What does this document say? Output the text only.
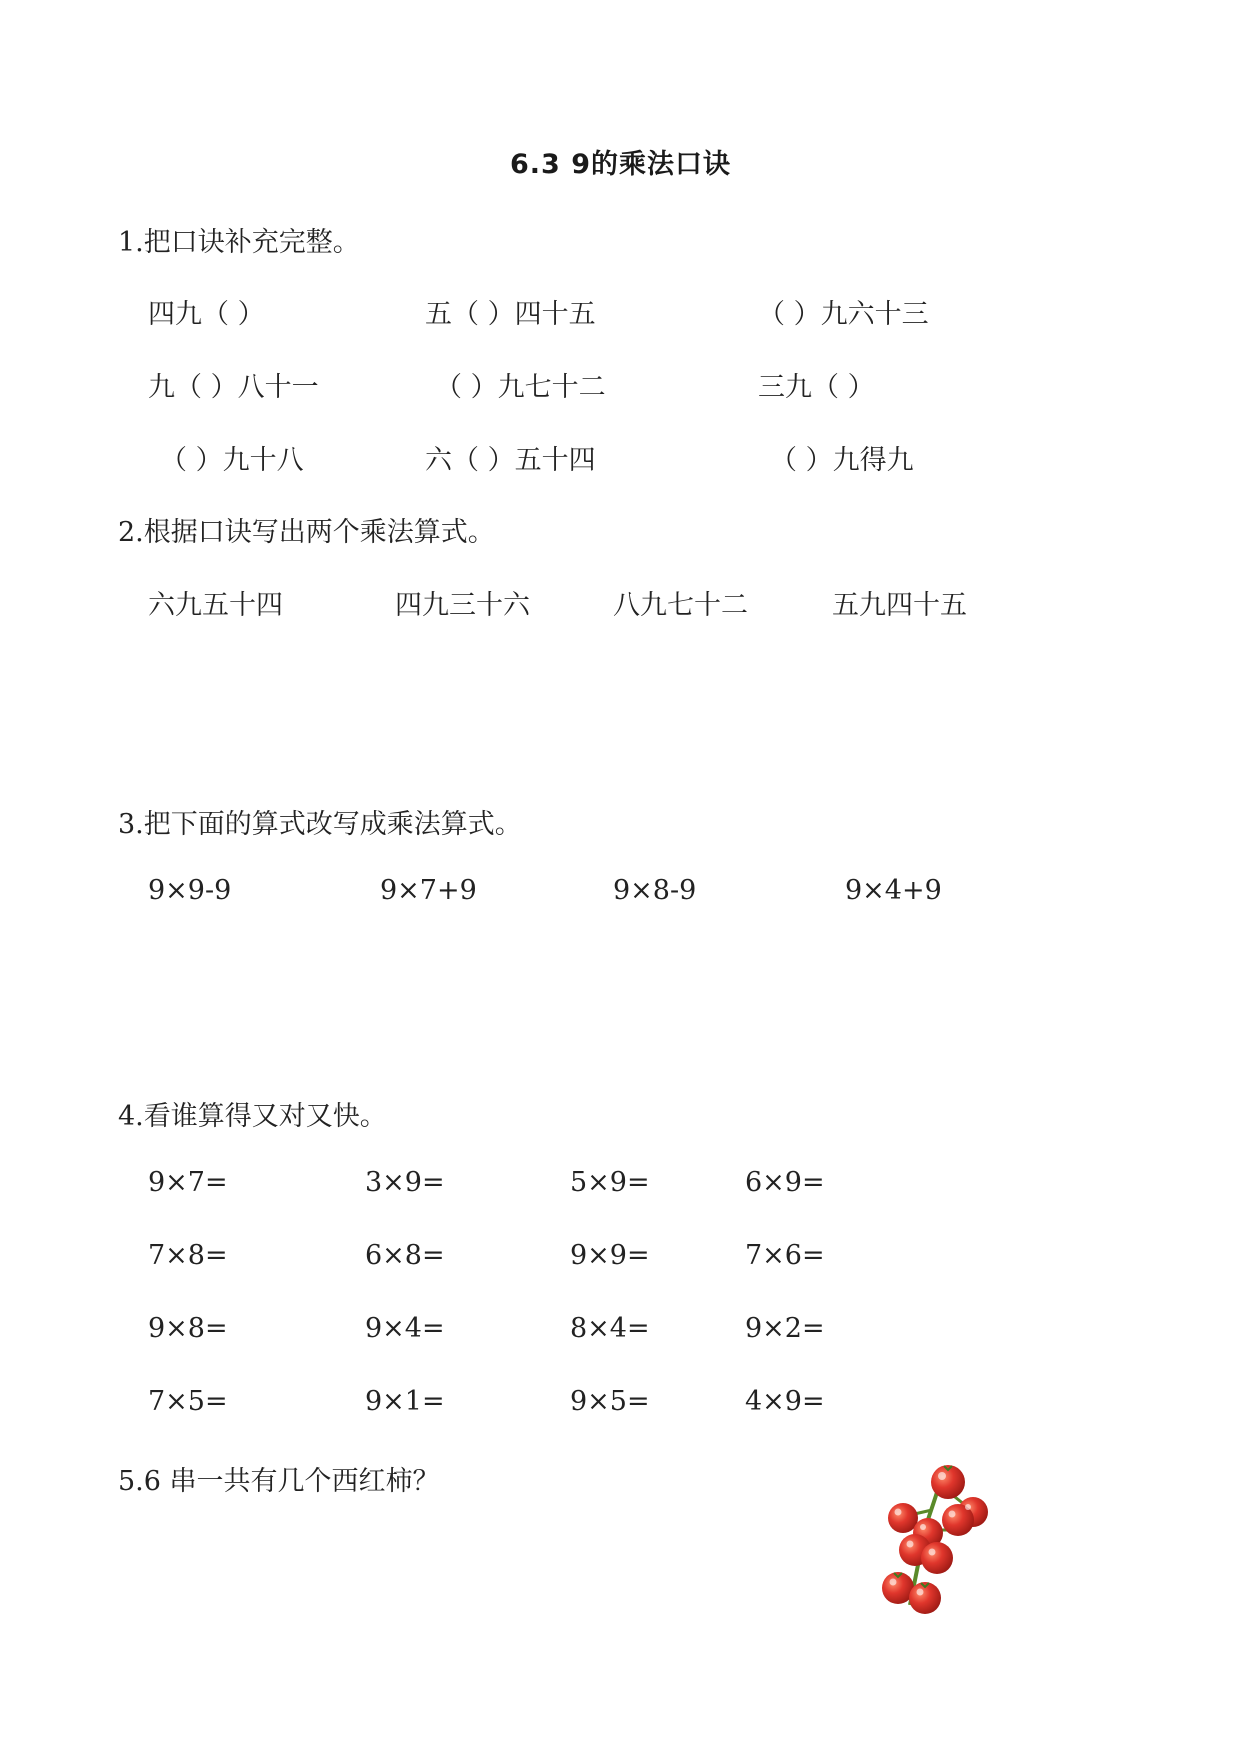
6.3 9的乘法口诀
1.把口诀补充完整。
四九（ ）	五（ ）四十五	（ ）九六十三
九（ ）八十一	（ ）九七十二	三九（ ）
（ ）九十八	六（ ）五十四	（ ）九得九
2.根据口诀写出两个乘法算式。
六九五十四	四九三十六	八九七十二	五九四十五
3.把下面的算式改写成乘法算式。
9×9-9	9×7+9	9×8-9	9×4+9
4.看谁算得又对又快。
9×7=	3×9=	5×9=	6×9=
7×8=	6×8=	9×9=	7×6=
9×8=	9×4=	8×4=	9×2=
7×5=	9×1=	9×5=	4×9=
5.6 串一共有几个西红柿？
